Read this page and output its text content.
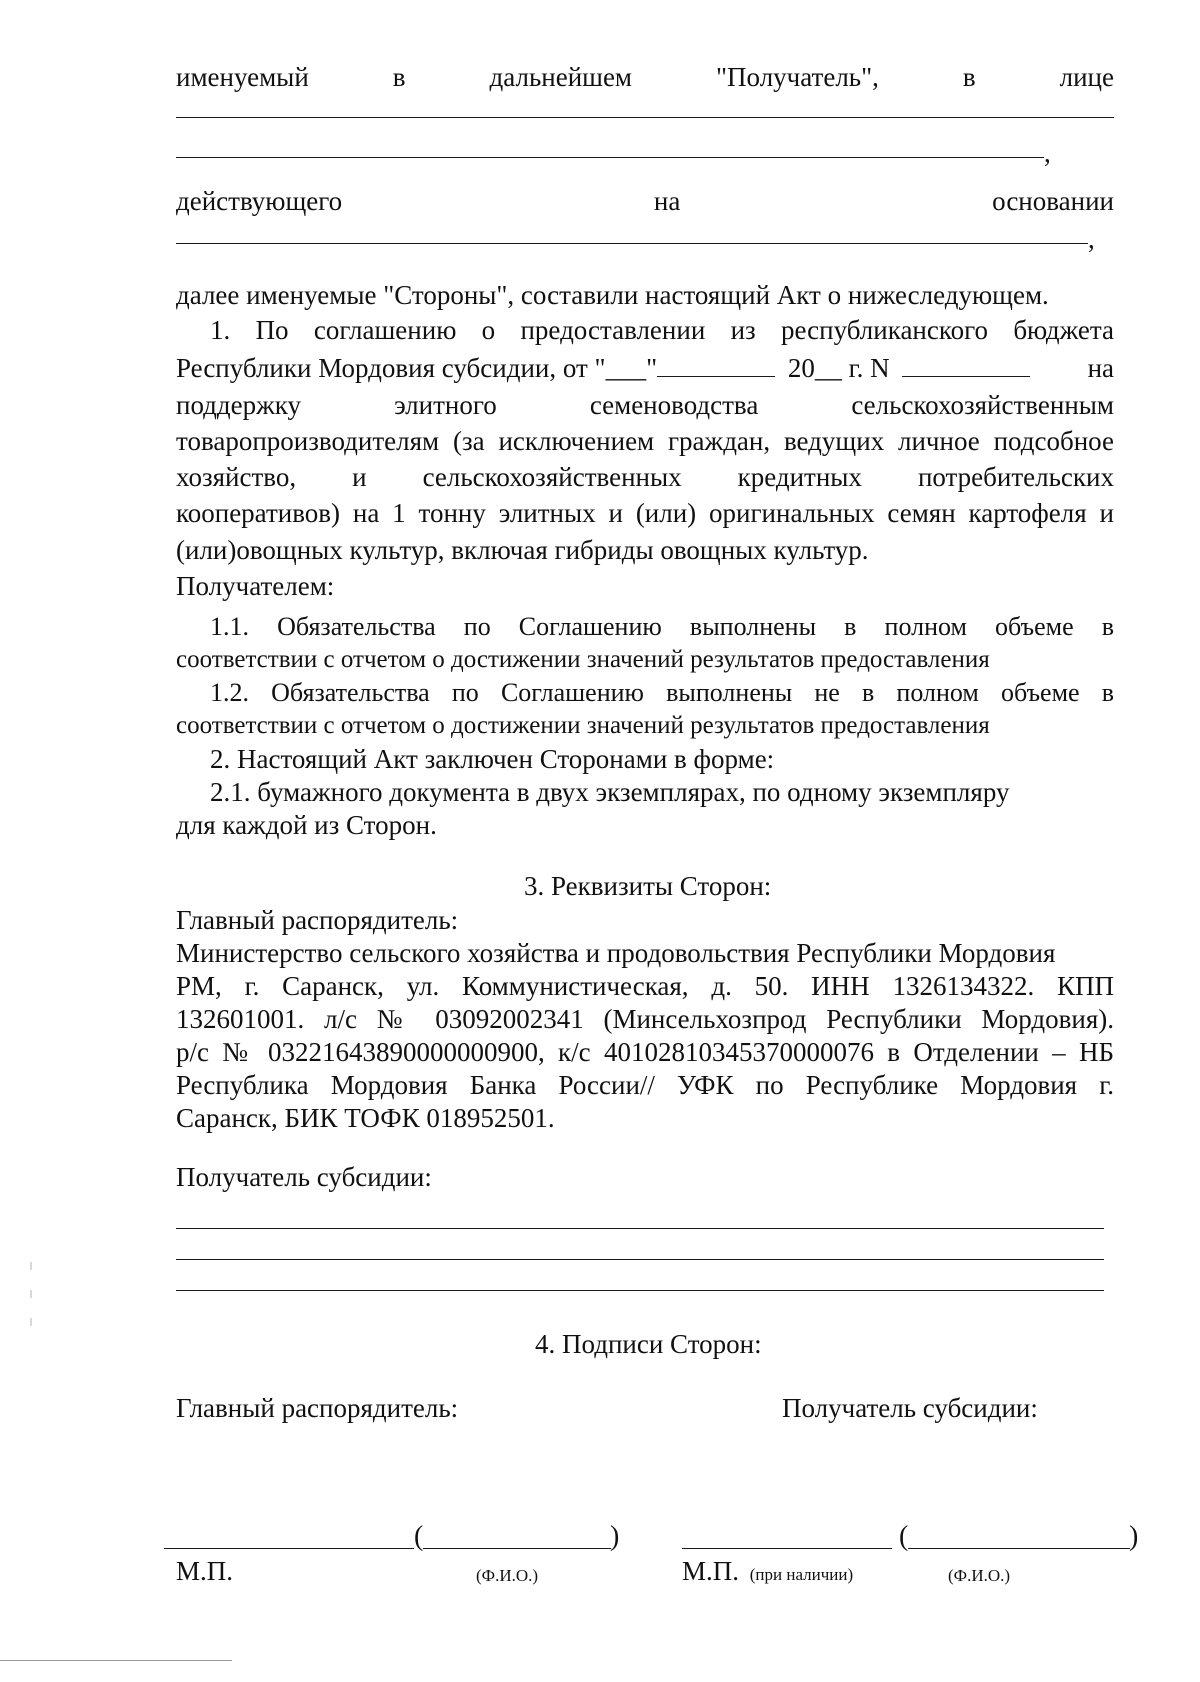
именуемый	в	дальнейшем	"Получатель",	в	лице
,
действующего	на	основании
,
далее именуемые "Стороны", составили настоящий Акт о нижеследующем.
1. По соглашению о предоставлении из республиканского бюджета
Республики Мордовия субсидии, от "___"	20__ г. N	на
поддержку	элитного	семеноводства	сельскохозяйственным
товаропроизводителям (за исключением граждан, ведущих личное подсобное
хозяйство, и сельскохозяйственных кредитных потребительских
кооперативов) на 1 тонну элитных и (или) оригинальных семян картофеля и
(или)овощных культур, включая гибриды овощных культур.
Получателем:
1.1. Обязательства по Соглашению выполнены в полном объеме в
соответствии с отчетом о достижении значений результатов предоставления
1.2. Обязательства по Соглашению выполнены не в полном объеме в
соответствии с отчетом о достижении значений результатов предоставления
2. Настоящий Акт заключен Сторонами в форме:
2.1. бумажного документа в двух экземплярах, по одному экземпляру
для каждой из Сторон.
3. Реквизиты Сторон:
Главный распорядитель:
Министерство сельского хозяйства и продовольствия Республики Мордовия
РМ, г. Саранск, ул. Коммунистическая, д. 50. ИНН 1326134322. КПП
132601001. л/с № 03092002341 (Минсельхозпрод Республики Мордовия).
р/с № 03221643890000000900, к/с 40102810345370000076 в Отделении – НБ
Республика Мордовия Банка России// УФК по Республике Мордовия г.
Саранск, БИК ТОФК 018952501.
Получатель субсидии:
4. Подписи Сторон:
Главный распорядитель:	Получатель субсидии:
(	)	(	)
М.П.	(Ф.И.О.)	М.П. (при наличии)	(Ф.И.О.)
